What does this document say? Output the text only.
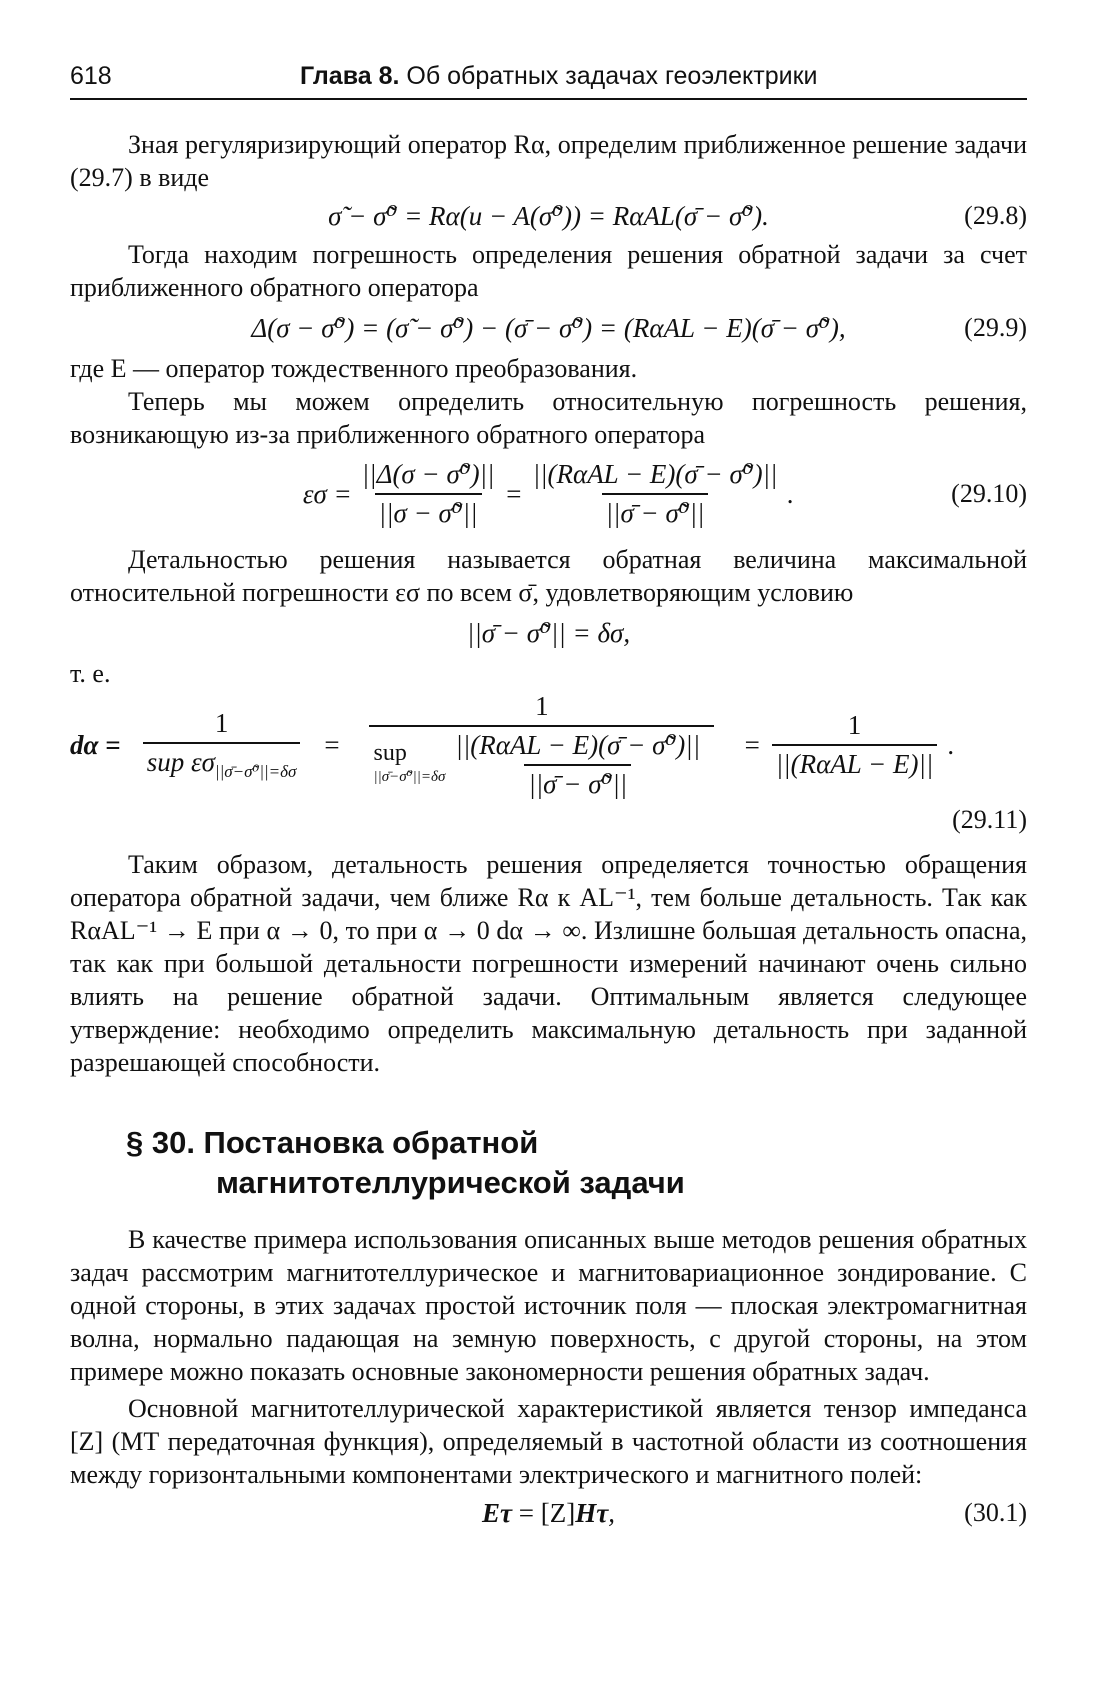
618	Глава 8. Об обратных задачах геоэлектрики

Зная регуляризирующий оператор Rα, определим приближенное решение задачи (29.7) в виде

σ̃ − σ̃⁰ = Rα(u − A(σ̃⁰)) = RαAL(σ̄ − σ̃⁰).	(29.8)

Тогда находим погрешность определения решения обратной задачи за счет приближенного обратного оператора

Δ(σ − σ̃⁰) = (σ̃ − σ̃⁰) − (σ̄ − σ̃⁰) = (RαAL − E)(σ̄ − σ̃⁰),	(29.9)

где E — оператор тождественного преобразования.

Теперь мы можем определить относительную погрешность решения, возникающую из-за приближенного обратного оператора

$\varepsilon\sigma = \frac{\text{||Δ(σ − σ̃⁰)||}}{\text{||σ − σ̃⁰||}} = \frac{\text{||(RαAL − E)(σ̄ − σ̃⁰)||}}{\text{||σ̄ − σ̃⁰||}}$ .	(29.10)

Детальностью решения называется обратная величина максимальной относительной погрешности εσ по всем σ̄, удовлетворяющим условию

||σ̄ − σ̃⁰|| = δσ,

т. е.

$d\alpha = \frac{1}{sup \varepsilon\sigma_{||\sigmā-\sigmã^0||=\delta\sigma}}$ =
1
sup
||σ̄−σ̃⁰||=δσ $\frac{\text{||(RαAL − E)(σ̄ − σ̃⁰)||}}{\text{||σ̄ − σ̃⁰||}} = \frac{1}{\text{||(RαAL − E)||}}$ .
(29.11)

Таким образом, детальность решения определяется точностью обращения оператора обратной задачи, чем ближе Rα к AL⁻¹, тем больше детальность. Так как RαAL⁻¹ → E при α → 0, то при α → 0 dα → ∞. Излишне большая детальность опасна, так как при большой детальности погрешности измерений начинают очень сильно влиять на решение обратной задачи. Оптимальным является следующее утверждение: необходимо определить максимальную детальность при заданной разрешающей способности.

§ 30. Постановка обратной
магнитотеллурической задачи

В качестве примера использования описанных выше методов решения обратных задач рассмотрим магнитотеллурическое и магнитовариационное зондирование. С одной стороны, в этих задачах простой источник поля — плоская электромагнитная волна, нормально падающая на земную поверхность, с другой стороны, на этом примере можно показать основные закономерности решения обратных задач.

Основной магнитотеллурической характеристикой является тензор импеданса [Z] (МТ передаточная функция), определяемый в частотной области из соотношения между горизонтальными компонентами электрического и магнитного полей:

Eτ = [Z] Hτ ,	(30.1)
